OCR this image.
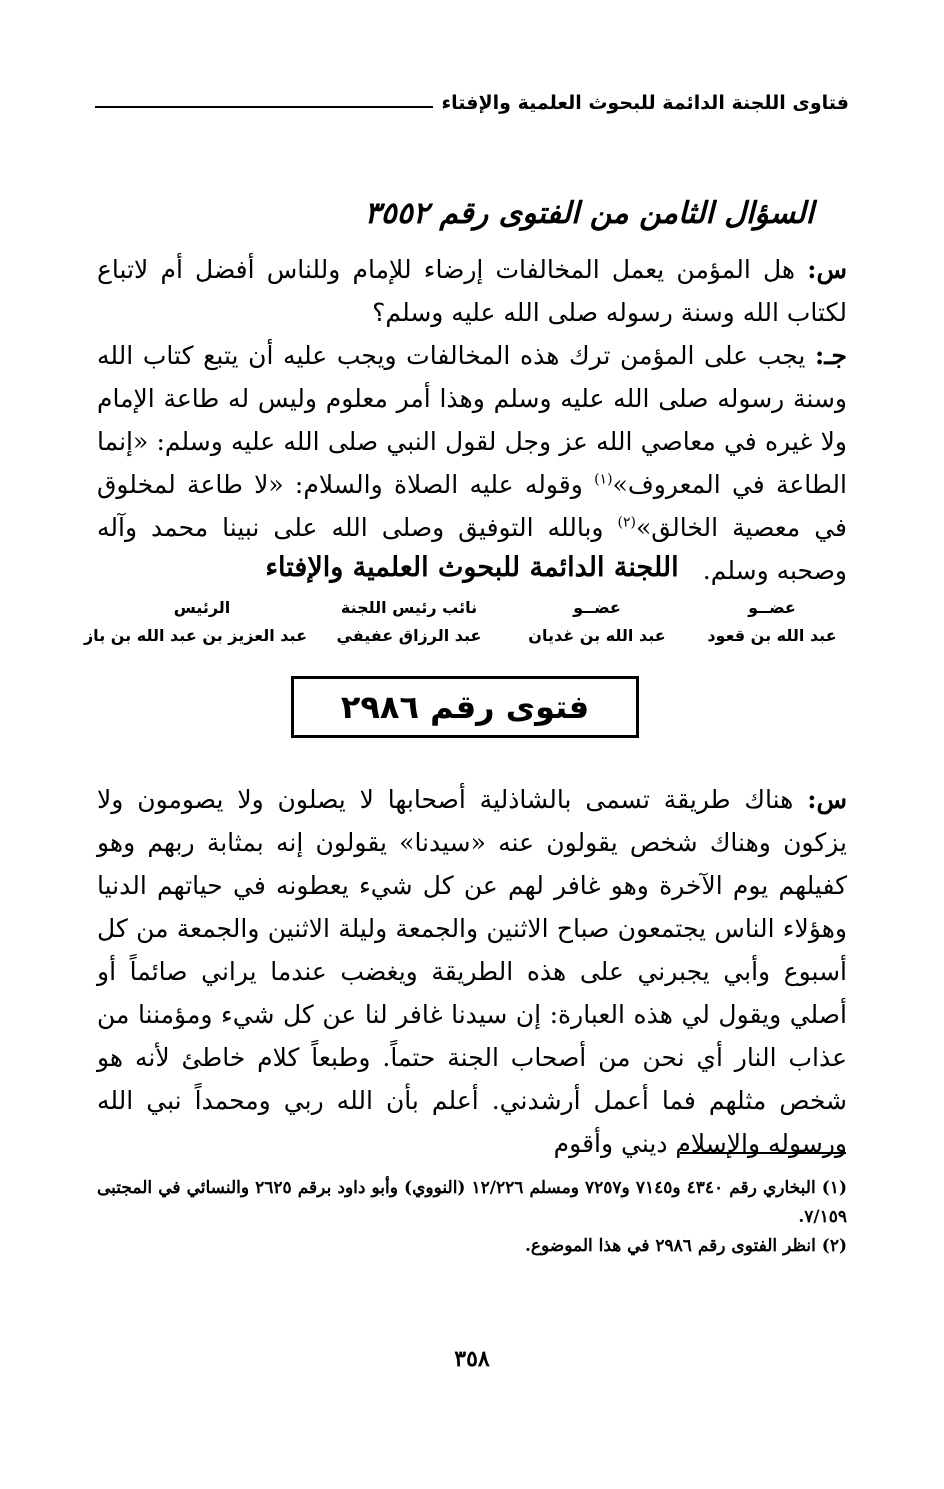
فتاوى اللجنة الدائمة للبحوث العلمية والإفتاء
السؤال الثامن من الفتوى رقم ٣٥٥٢

س: هل المؤمن يعمل المخالفات إرضاء للإمام وللناس أفضل أم لاتباع لكتاب الله وسنة رسوله صلى الله عليه وسلم؟

جـ: يجب على المؤمن ترك هذه المخالفات ويجب عليه أن يتبع كتاب الله وسنة رسوله صلى الله عليه وسلم وهذا أمر معلوم وليس له طاعة الإمام ولا غيره في معاصي الله عز وجل لقول النبي صلى الله عليه وسلم: «إنما الطاعة في المعروف»$^{(١)}$ وقوله عليه الصلاة والسلام: «لا طاعة لمخلوق في معصية الخالق»$^{(٢)}$ وبالله التوفيق وصلى الله على نبينا محمد وآله وصحبه وسلم.

اللجنة الدائمة للبحوث العلمية والإفتاء
عضــو
عبد الله بن قعود
عضــو
عبد الله بن غديان
نائب رئيس اللجنة
عبد الرزاق عفيفي
الرئيس
عبد العزيز بن عبد الله بن باز
فتوى رقم ٢٩٨٦

س: هناك طريقة تسمى بالشاذلية أصحابها لا يصلون ولا يصومون ولا يزكون وهناك شخص يقولون عنه «سيدنا» يقولون إنه بمثابة ربهم وهو كفيلهم يوم الآخرة وهو غافر لهم عن كل شيء يعطونه في حياتهم الدنيا وهؤلاء الناس يجتمعون صباح الاثنين والجمعة وليلة الاثنين والجمعة من كل أسبوع وأبي يجبرني على هذه الطريقة ويغضب عندما يراني صائماً أو أصلي ويقول لي هذه العبارة: إن سيدنا غافر لنا عن كل شيء ومؤمننا من عذاب النار أي نحن من أصحاب الجنة حتماً. وطبعاً كلام خاطئ لأنه هو شخص مثلهم فما أعمل أرشدني. أعلم بأن الله ربي ومحمداً نبي الله ورسوله والإسلام ديني وأقوم

(١) البخاري رقم ٤٣٤٠ و٧١٤٥ و٧٢٥٧ ومسلم ١٢/٢٢٦ (النووي) وأبو داود برقم ٢٦٢٥ والنسائي في المجتبى ٧/١٥٩.

(٢) انظر الفتوى رقم ٢٩٨٦ في هذا الموضوع.

٣٥٨
